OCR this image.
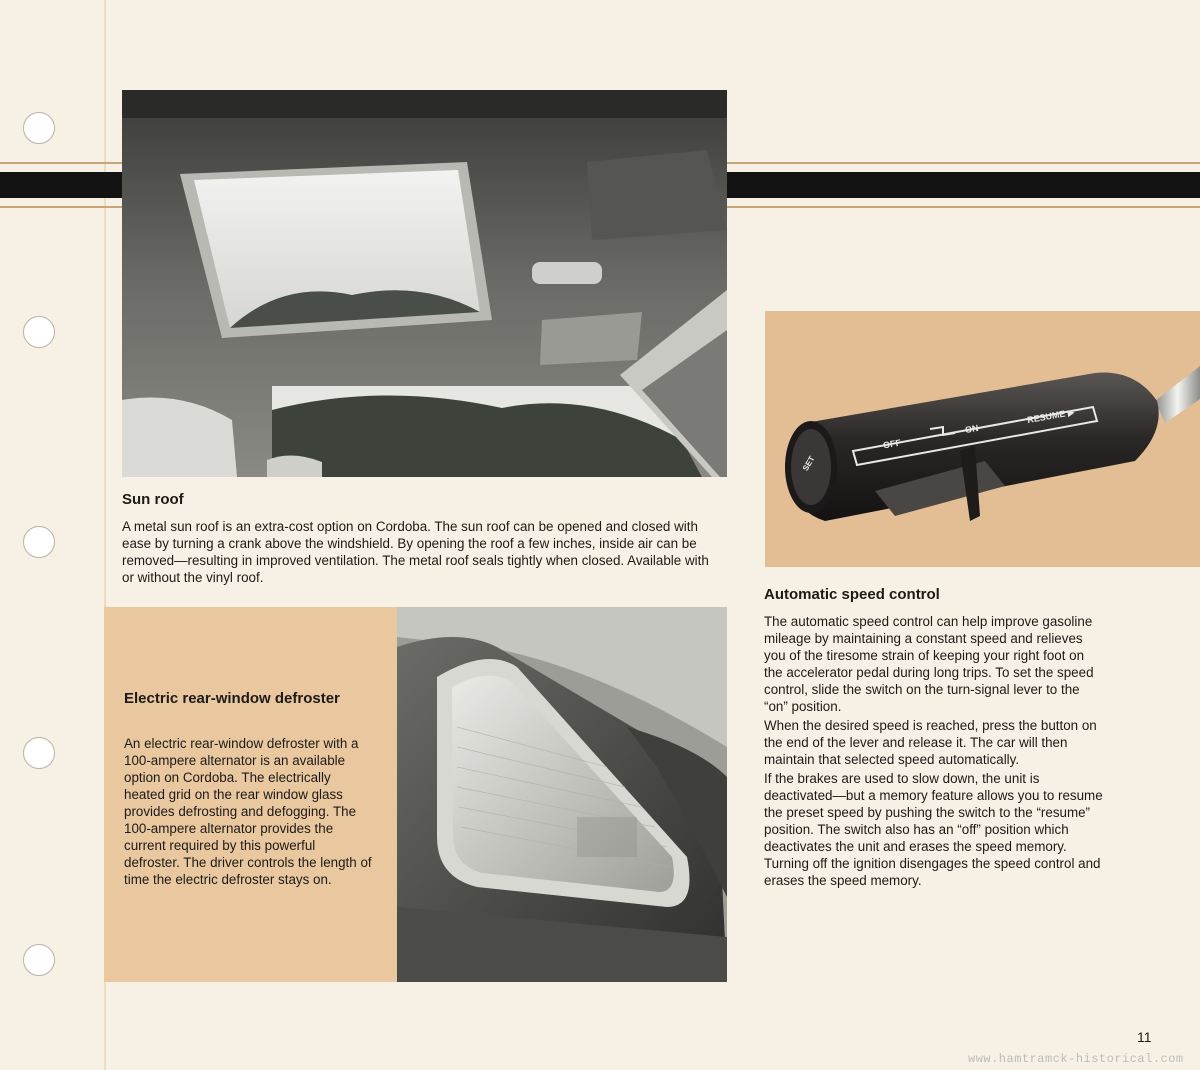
Sun roof

A metal sun roof is an extra-cost option on Cordoba. The sun roof can be opened and closed with ease by turning a crank above the windshield. By opening the roof a few inches, inside air can be removed—resulting in improved ventilation. The metal roof seals tightly when closed. Available with or without the vinyl roof.

Electric rear-window defroster

An electric rear-window defroster with a 100-ampere alternator is an available option on Cordoba. The electrically heated grid on the rear window glass provides defrosting and defogging. The 100-ampere alternator provides the current required by this powerful defroster. The driver controls the length of time the electric defroster stays on.

OFF
ON
RESUME ▶
SET
Automatic speed control

The automatic speed control can help improve gasoline mileage by maintaining a constant speed and relieves you of the tiresome strain of keeping your right foot on the accelerator pedal during long trips. To set the speed control, slide the switch on the turn-signal lever to the “on” position.

When the desired speed is reached, press the button on the end of the lever and release it. The car will then maintain that selected speed automatically.

If the brakes are used to slow down, the unit is deactivated—but a memory feature allows you to resume the preset speed by pushing the switch to the “resume” position. The switch also has an “off” position which deactivates the unit and erases the speed memory. Turning off the ignition disengages the speed control and erases the speed memory.

11
www.hamtramck-historical.com
